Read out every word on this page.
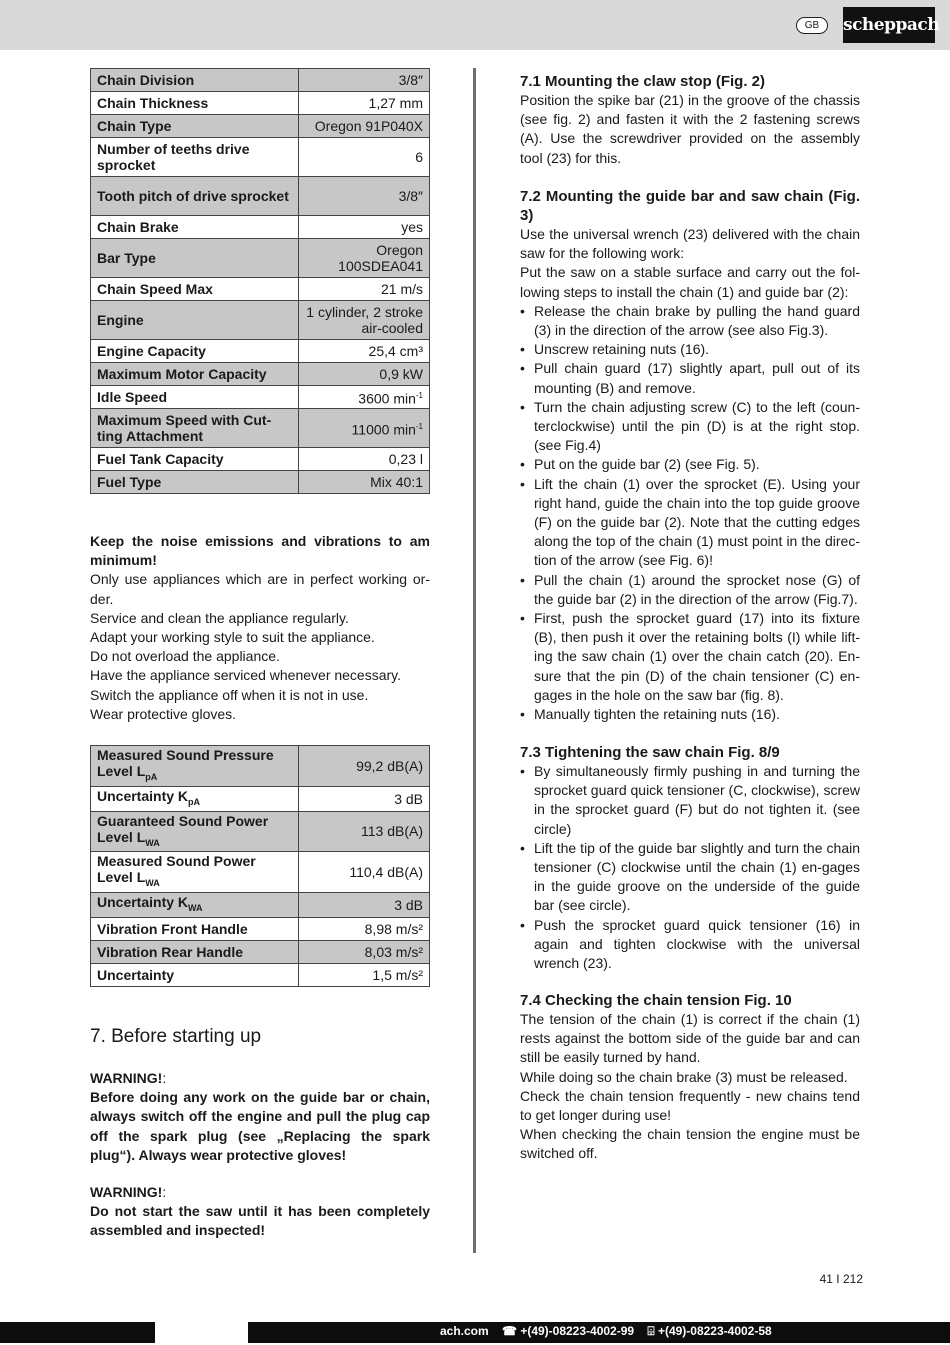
GB	scheppach
Chain Division	3/8″
Chain Thickness	1,27 mm
Chain Type	Oregon 91P040X
Number of teeths drive sprocket	6
Tooth pitch of drive sprocket	3/8″
Chain Brake	yes
Bar Type	Oregon 100SDEA041
Chain Speed Max	21 m/s
Engine	1 cylinder, 2 stroke air-cooled
Engine Capacity	25,4 cm³
Maximum Motor Capacity	0,9 kW
Idle Speed	3600 $\min^{-1}$
Maximum Speed with Cut-ting Attachment	11000 $\min^{-1}$
Fuel Tank Capacity	0,23 l
Fuel Type	Mix 40:1

Keep the noise emissions and vibrations to am minimum!

Only use appliances which are in perfect working or-der.

Service and clean the appliance regularly.

Adapt your working style to suit the appliance.

Do not overload the appliance.

Have the appliance serviced whenever necessary.

Switch the appliance off when it is not in use.

Wear protective gloves.

Measured Sound Pressure Level $L_{pA}$	99,2 dB(A)
Uncertainty $K_{pA}$	3 dB
Guaranteed Sound Power Level $L_{WA}$	113 dB(A)
Measured Sound Power Level $L_{WA}$	110,4 dB(A)
Uncertainty $K_{WA}$	3 dB
Vibration Front Handle	8,98 m/s²
Vibration Rear Handle	8,03 m/s²
Uncertainty	1,5 m/s²
7. Before starting up

WARNING!:

Before doing any work on the guide bar or chain, always switch off the engine and pull the plug cap off the spark plug (see „Replacing the spark plug“). Always wear protective gloves!

WARNING!:

Do not start the saw until it has been completely assembled and inspected!

7.1 Mounting the claw stop (Fig. 2)

Position the spike bar (21) in the groove of the chassis (see fig. 2) and fasten it with the 2 fastening screws (A). Use the screwdriver provided on the assembly tool (23) for this.

7.2 Mounting the guide bar and saw chain (Fig. 3)

Use the universal wrench (23) delivered with the chain saw for the following work:

Put the saw on a stable surface and carry out the fol-lowing steps to install the chain (1) and guide bar (2):

• Release the chain brake by pulling the hand guard (3) in the direction of the arrow (see also Fig.3).
• Unscrew retaining nuts (16).
• Pull chain guard (17) slightly apart, pull out of its mounting (B) and remove.
• Turn the chain adjusting screw (C) to the left (coun-terclockwise) until the pin (D) is at the right stop. (see Fig.4)
• Put on the guide bar (2) (see Fig. 5).
• Lift the chain (1) over the sprocket (E). Using your right hand, guide the chain into the top guide groove (F) on the guide bar (2). Note that the cutting edges along the top of the chain (1) must point in the direc-tion of the arrow (see Fig. 6)!
• Pull the chain (1) around the sprocket nose (G) of the guide bar (2) in the direction of the arrow (Fig.7).
• First, push the sprocket guard (17) into its fixture (B), then push it over the retaining bolts (I) while lift-ing the saw chain (1) over the chain catch (20). En-sure that the pin (D) of the chain tensioner (C) en-gages in the hole on the saw bar (fig. 8).
• Manually tighten the retaining nuts (16).

7.3 Tightening the saw chain Fig. 8/9

• By simultaneously firmly pushing in and turning the sprocket guard quick tensioner (C, clockwise), screw in the sprocket guard (F) but do not tighten it. (see circle)
• Lift the tip of the guide bar slightly and turn the chain tensioner (C) clockwise until the chain (1) en-gages in the guide groove on the underside of the guide bar (see circle).
• Push the sprocket guard quick tensioner (16) in again and tighten clockwise with the universal wrench (23).

7.4 Checking the chain tension Fig. 10

The tension of the chain (1) is correct if the chain (1) rests against the bottom side of the guide bar and can still be easily turned by hand.

While doing so the chain brake (3) must be released.

Check the chain tension frequently - new chains tend to get longer during use!

When checking the chain tension the engine must be switched off.

41 I 212
ach.com ☎ +(49)-08223-4002-99 ⌹ +(49)-08223-4002-58
